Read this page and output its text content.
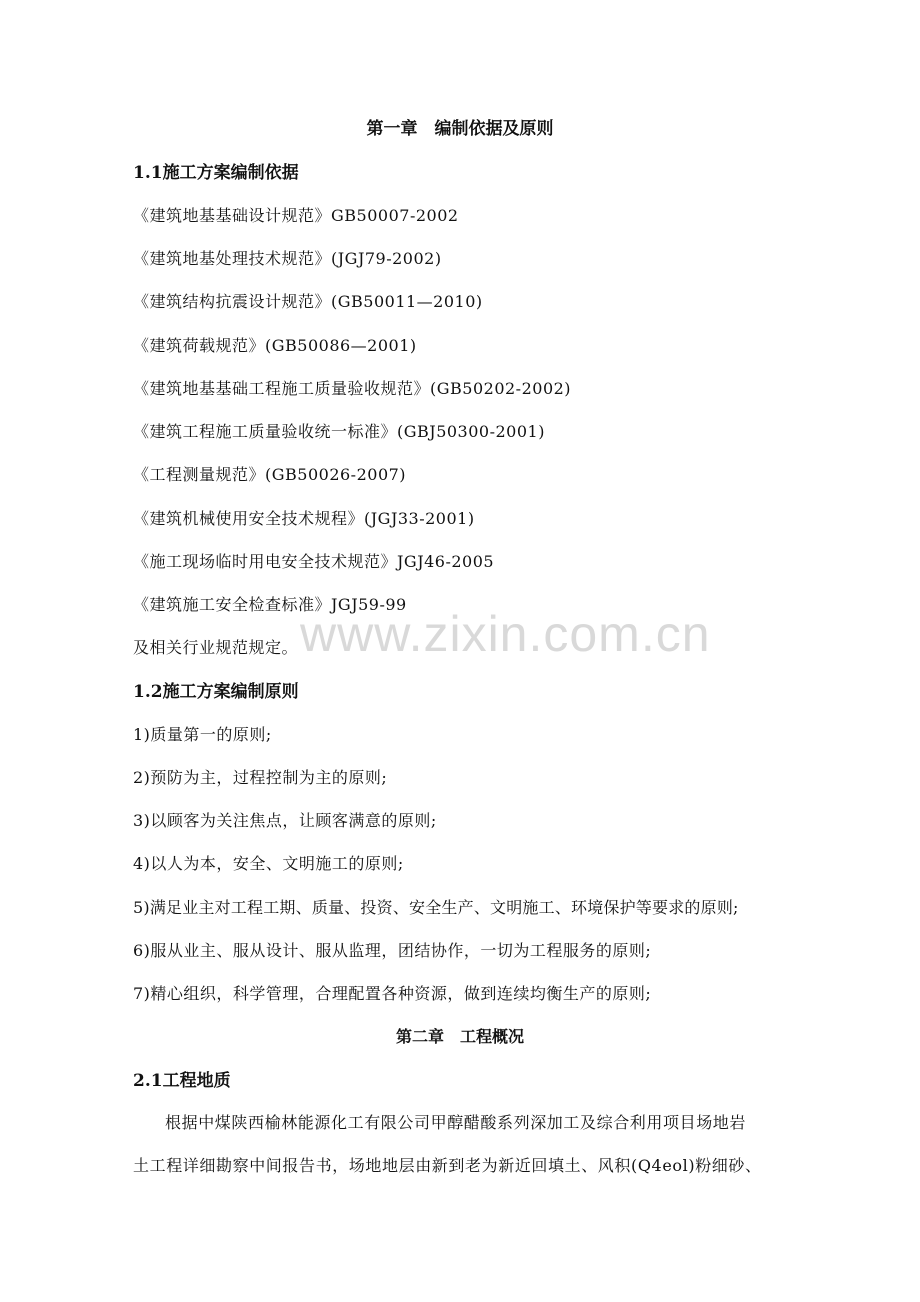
www.zixin.com.cn
第一章　编制依据及原则
1.1施工方案编制依据
《建筑地基基础设计规范》GB50007-2002
《建筑地基处理技术规范》(JGJ79-2002)
《建筑结构抗震设计规范》(GB50011—2010)
《建筑荷载规范》(GB50086—2001)
《建筑地基基础工程施工质量验收规范》(GB50202-2002)
《建筑工程施工质量验收统一标准》(GBJ50300-2001)
《工程测量规范》(GB50026-2007)
《建筑机械使用安全技术规程》(JGJ33-2001)
《施工现场临时用电安全技术规范》JGJ46-2005
《建筑施工安全检查标准》JGJ59-99
及相关行业规范规定。
1.2施工方案编制原则
1)质量第一的原则;
2)预防为主，过程控制为主的原则;
3)以顾客为关注焦点，让顾客满意的原则;
4)以人为本，安全、文明施工的原则;
5)满足业主对工程工期、质量、投资、安全生产、文明施工、环境保护等要求的原则;
6)服从业主、服从设计、服从监理，团结协作，一切为工程服务的原则;
7)精心组织，科学管理，合理配置各种资源，做到连续均衡生产的原则;
第二章　工程概况
2.1工程地质
根据中煤陕西榆林能源化工有限公司甲醇醋酸系列深加工及综合利用项目场地岩
土工程详细勘察中间报告书，场地地层由新到老为新近回填土、风积(Q4eol)粉细砂、
